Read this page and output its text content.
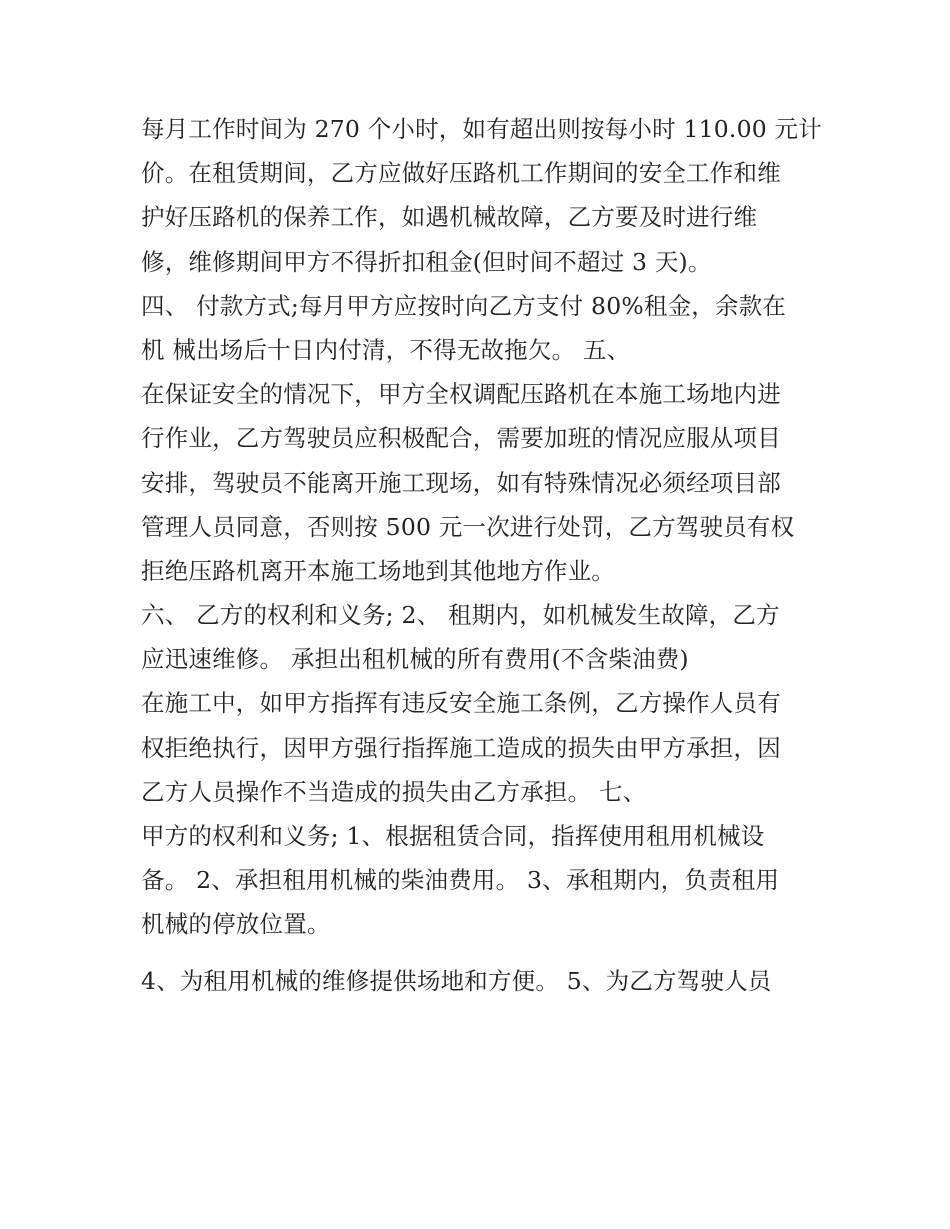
每月工作时间为 270 个小时，如有超出则按每小时 110.00 元计
价。在租赁期间，乙方应做好压路机工作期间的安全工作和维
护好压路机的保养工作，如遇机械故障，乙方要及时进行维
修，维修期间甲方不得折扣租金(但时间不超过 3 天)。
四、 付款方式;每月甲方应按时向乙方支付 80%租金，余款在
机 械出场后十日内付清，不得无故拖欠。 五、
在保证安全的情况下，甲方全权调配压路机在本施工场地内进
行作业，乙方驾驶员应积极配合，需要加班的情况应服从项目
安排，驾驶员不能离开施工现场，如有特殊情况必须经项目部
管理人员同意，否则按 500 元一次进行处罚，乙方驾驶员有权
拒绝压路机离开本施工场地到其他地方作业。
六、 乙方的权利和义务; 2、 租期内，如机械发生故障，乙方
应迅速维修。 承担出租机械的所有费用(不含柴油费)
在施工中，如甲方指挥有违反安全施工条例，乙方操作人员有
权拒绝执行，因甲方强行指挥施工造成的损失由甲方承担，因
乙方人员操作不当造成的损失由乙方承担。 七、
甲方的权利和义务; 1、根据租赁合同，指挥使用租用机械设
备。 2、承担租用机械的柴油费用。 3、承租期内，负责租用
机械的停放位置。
4、为租用机械的维修提供场地和方便。 5、为乙方驾驶人员
